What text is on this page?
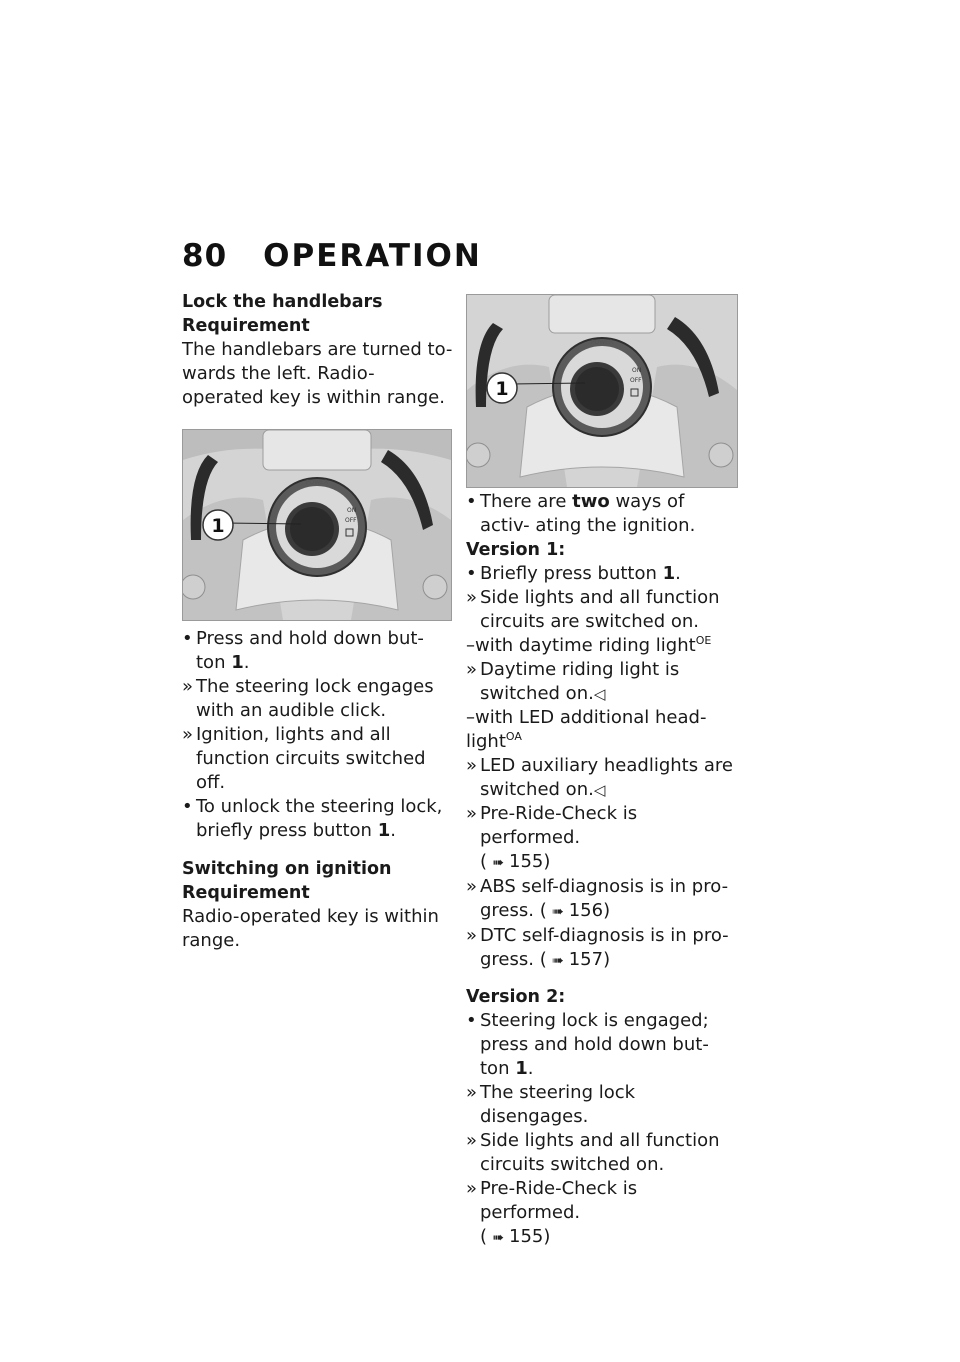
80 OPERATION
Lock the handlebars
Requirement

The handlebars are turned to- wards the left. Radio-operated key is within range.

POWER
ON
OFF
1
• Press and hold down but- ton 1.
» The steering lock engages with an audible click.
» Ignition, lights and all function circuits switched off.
• To unlock the steering lock, briefly press button 1.
Switching on ignition
Requirement

Radio-operated key is within range.

POWER
ON
OFF
1
• There are two ways of activ- ating the ignition.
Version 1:
• Briefly press button 1.
» Side lights and all function circuits are switched on.
–with daytime riding light$^{OE}$
» Daytime riding light is switched on.◁
–with LED additional head- light$^{OA}$
» LED auxiliary headlights are switched on.◁
» Pre-Ride-Check is performed.
( ➠ 155)
» ABS self-diagnosis is in pro- gress. ( ➠ 156)
» DTC self-diagnosis is in pro- gress. ( ➠ 157)
Version 2:
• Steering lock is engaged; press and hold down but- ton 1.
» The steering lock disengages.
» Side lights and all function circuits switched on.
» Pre-Ride-Check is performed.
( ➠ 155)
